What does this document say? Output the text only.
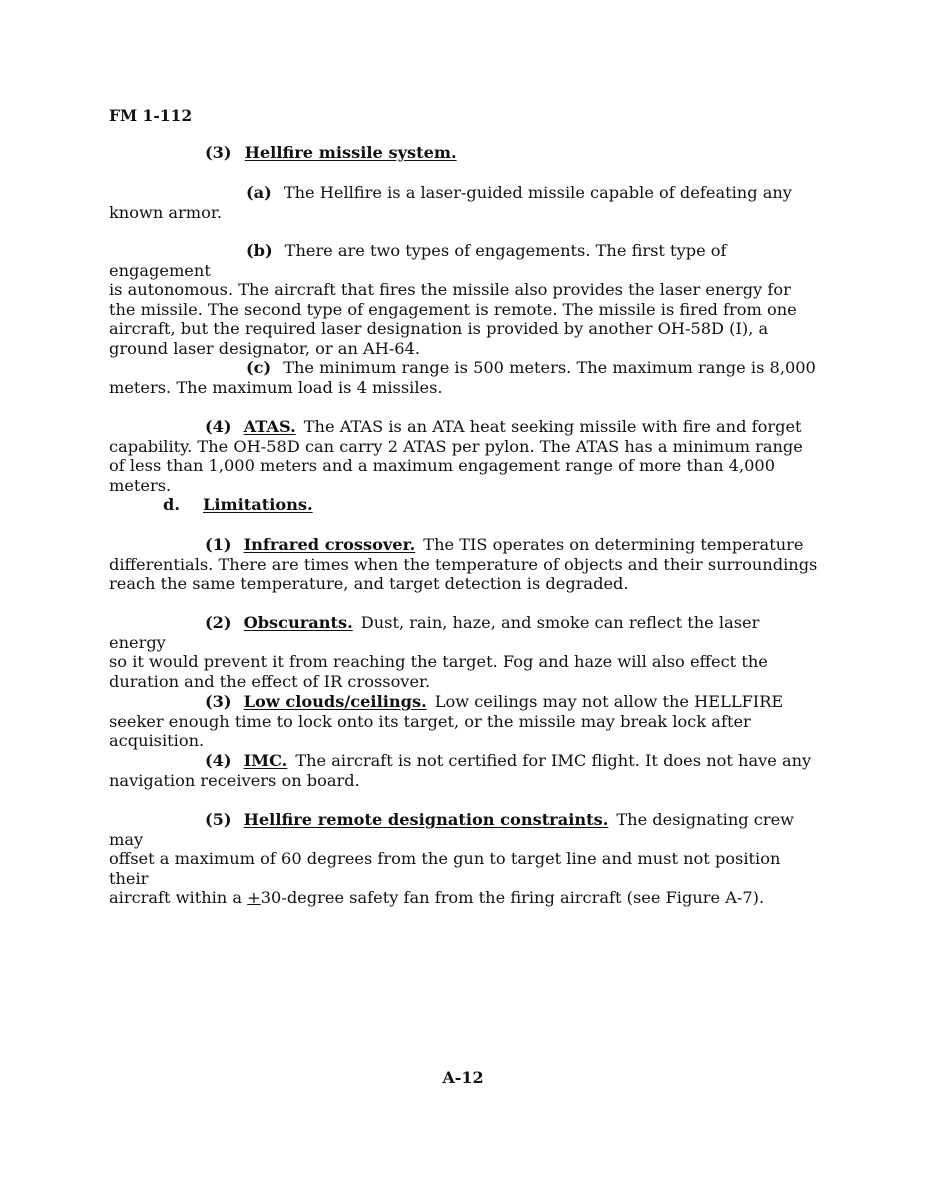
FM 1-112
(3) Hellfire missile system.
(a) The Hellfire is a laser-guided missile capable of defeating any
known armor.
(b) There are two types of engagements. The first type of engagement
is autonomous. The aircraft that fires the missile also provides the laser energy for the missile. The second type of engagement is remote. The missile is fired from one aircraft, but the required laser designation is provided by another OH-58D (I), a ground laser designator, or an AH-64.
(c) The minimum range is 500 meters. The maximum range is 8,000
meters. The maximum load is 4 missiles.
(4) ATAS. The ATAS is an ATA heat seeking missile with fire and forget
capability. The OH-58D can carry 2 ATAS per pylon. The ATAS has a minimum range of less than 1,000 meters and a maximum engagement range of more than 4,000 meters.
d. Limitations.
(1) Infrared crossover. The TIS operates on determining temperature
differentials. There are times when the temperature of objects and their surroundings reach the same temperature, and target detection is degraded.
(2) Obscurants. Dust, rain, haze, and smoke can reflect the laser energy
so it would prevent it from reaching the target. Fog and haze will also effect the duration and the effect of IR crossover.
(3) Low clouds/ceilings. Low ceilings may not allow the HELLFIRE
seeker enough time to lock onto its target, or the missile may break lock after acquisition.
(4) IMC. The aircraft is not certified for IMC flight. It does not have any
navigation receivers on board.
(5) Hellfire remote designation constraints. The designating crew may
offset a maximum of 60 degrees from the gun to target line and must not position their
aircraft within a +30-degree safety fan from the firing aircraft (see Figure A-7).
A-12
